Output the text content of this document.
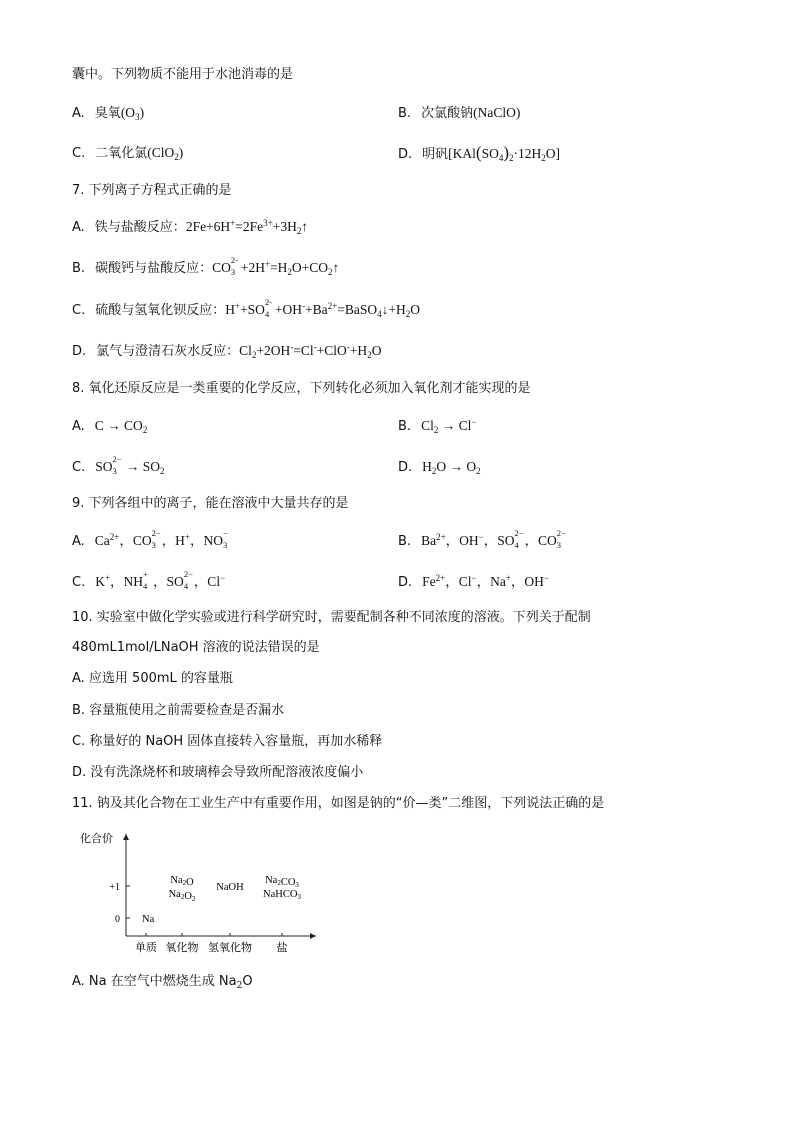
囊中。下列物质不能用于水池消毒的是
A. 臭氧$(O_3)$	B. 次氯酸钠(NaClO)
C. 二氧化氯(ClO$_2$)	D. 明矾$[KAl(SO_4)_2\cdot 12H_2O]$
7. 下列离子方程式正确的是
A. 铁与盐酸反应：$2Fe+6H^+=2Fe^{3+}+3H_2↑$
B. 碳酸钙与盐酸反应：CO 2-
$3 +2H^+=H_2O+CO_2↑$
C. 硫酸与氢氧化钡反应：H++SO 2-
$4 +OH^-+Ba^{2+}=BaSO_4↓+H_2O$
D. 氯气与澄清石灰水反应：$Cl_2+2OH^-=Cl^-+ClO^-+H_2O$
8. 氧化还原反应是一类重要的化学反应，下列转化必须加入氧化剂才能实现的是
A. $C \to CO_2$	B. $Cl_2 \to Cl^-$
C. SO 2−
$3 \to SO_2$	D. $H_2O \to O_2$
9. 下列各组中的离子，能在溶液中大量共存的是
A. $Ca^{2+}$，CO 2−
3 ，H+，NO −
3	B. $Ba^{2+}$，OH−，SO 2−
4 ，CO 2−
3
C. K+，NH +
4 ，SO 2−
4 ，Cl−	D. $Fe^{2+}$，Cl−，Na+，OH−
10. 实验室中做化学实验或进行科学研究时，需要配制各种不同浓度的溶液。下列关于配制
480mL1mol/LNaOH 溶液的说法错误的是
A. 应选用 500mL 的容量瓶
B. 容量瓶使用之前需要检查是否漏水
C. 称量好的 NaOH 固体直接转入容量瓶，再加水稀释
D. 没有洗涤烧杯和玻璃棒会导致所配溶液浓度偏小
11. 钠及其化合物在工业生产中有重要作用，如图是钠的“价—类”二维图，下列说法正确的是
化合价
0
+1
单质 氧化物 氢氧化物 盐
Na
Na2O
Na2O2
NaOH
Na2CO3
NaHCO3
A. Na 在空气中燃烧生成 $Na_2O$
